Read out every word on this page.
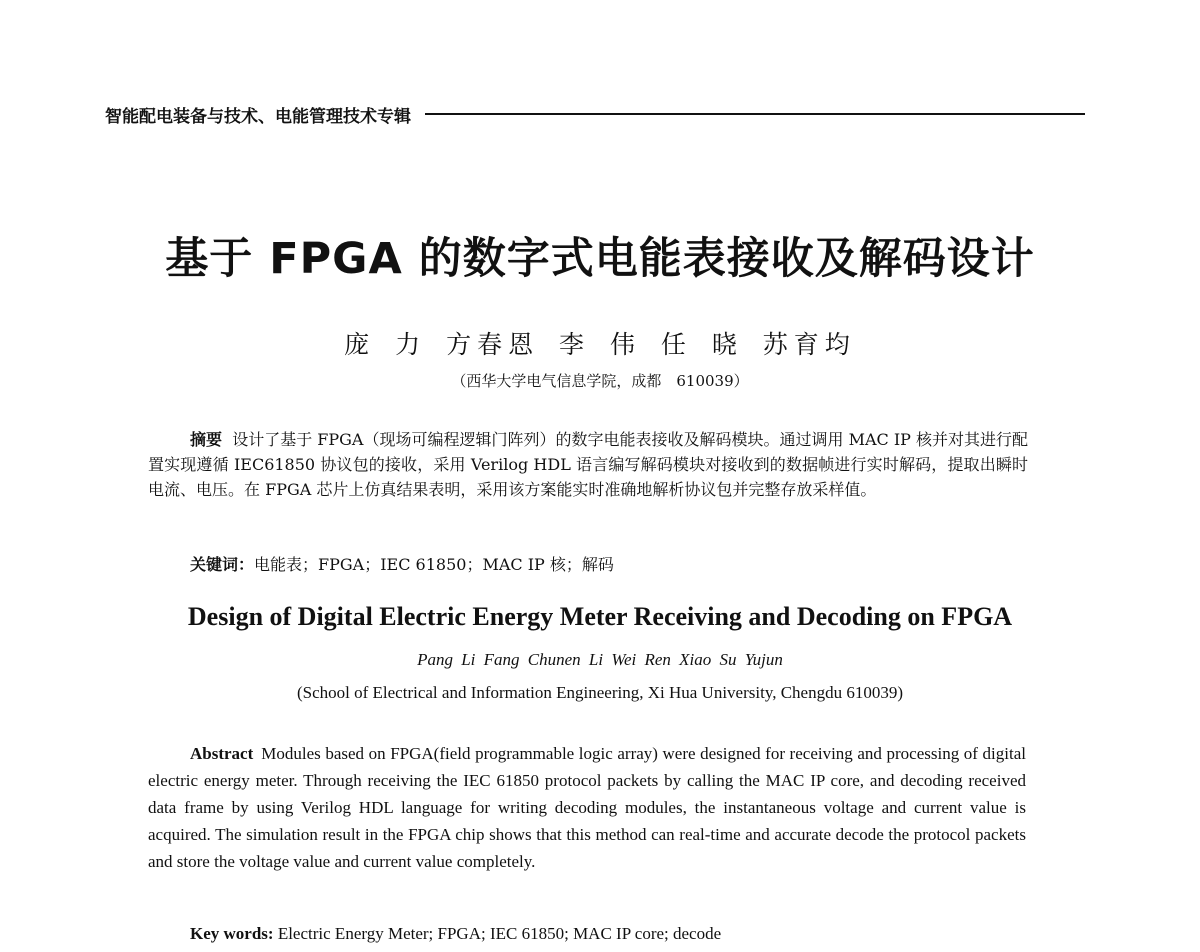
智能配电装备与技术、电能管理技术专辑
基于 FPGA 的数字式电能表接收及解码设计
庞 力 方春恩 李 伟 任 晓 苏育均
（西华大学电气信息学院，成都　610039）
摘要 设计了基于 FPGA（现场可编程逻辑门阵列）的数字电能表接收及解码模块。通过调用 MAC IP 核并对其进行配置实现遵循 IEC61850 协议包的接收，采用 Verilog HDL 语言编写解码模块对接收到的数据帧进行实时解码，提取出瞬时电流、电压。在 FPGA 芯片上仿真结果表明，采用该方案能实时准确地解析协议包并完整存放采样值。
关键词：电能表；FPGA；IEC 61850；MAC IP 核；解码
Design of Digital Electric Energy Meter Receiving and Decoding on FPGA
Pang Li Fang Chunen Li Wei Ren Xiao Su Yujun
(School of Electrical and Information Engineering, Xi Hua University, Chengdu 610039)
Abstract Modules based on FPGA(field programmable logic array) were designed for receiving and processing of digital electric energy meter. Through receiving the IEC 61850 protocol packets by calling the MAC IP core, and decoding received data frame by using Verilog HDL language for writing decoding modules, the instantaneous voltage and current value is acquired. The simulation result in the FPGA chip shows that this method can real-time and accurate decode the protocol packets and store the voltage value and current value completely.
Key words: Electric Energy Meter; FPGA; IEC 61850; MAC IP core; decode
